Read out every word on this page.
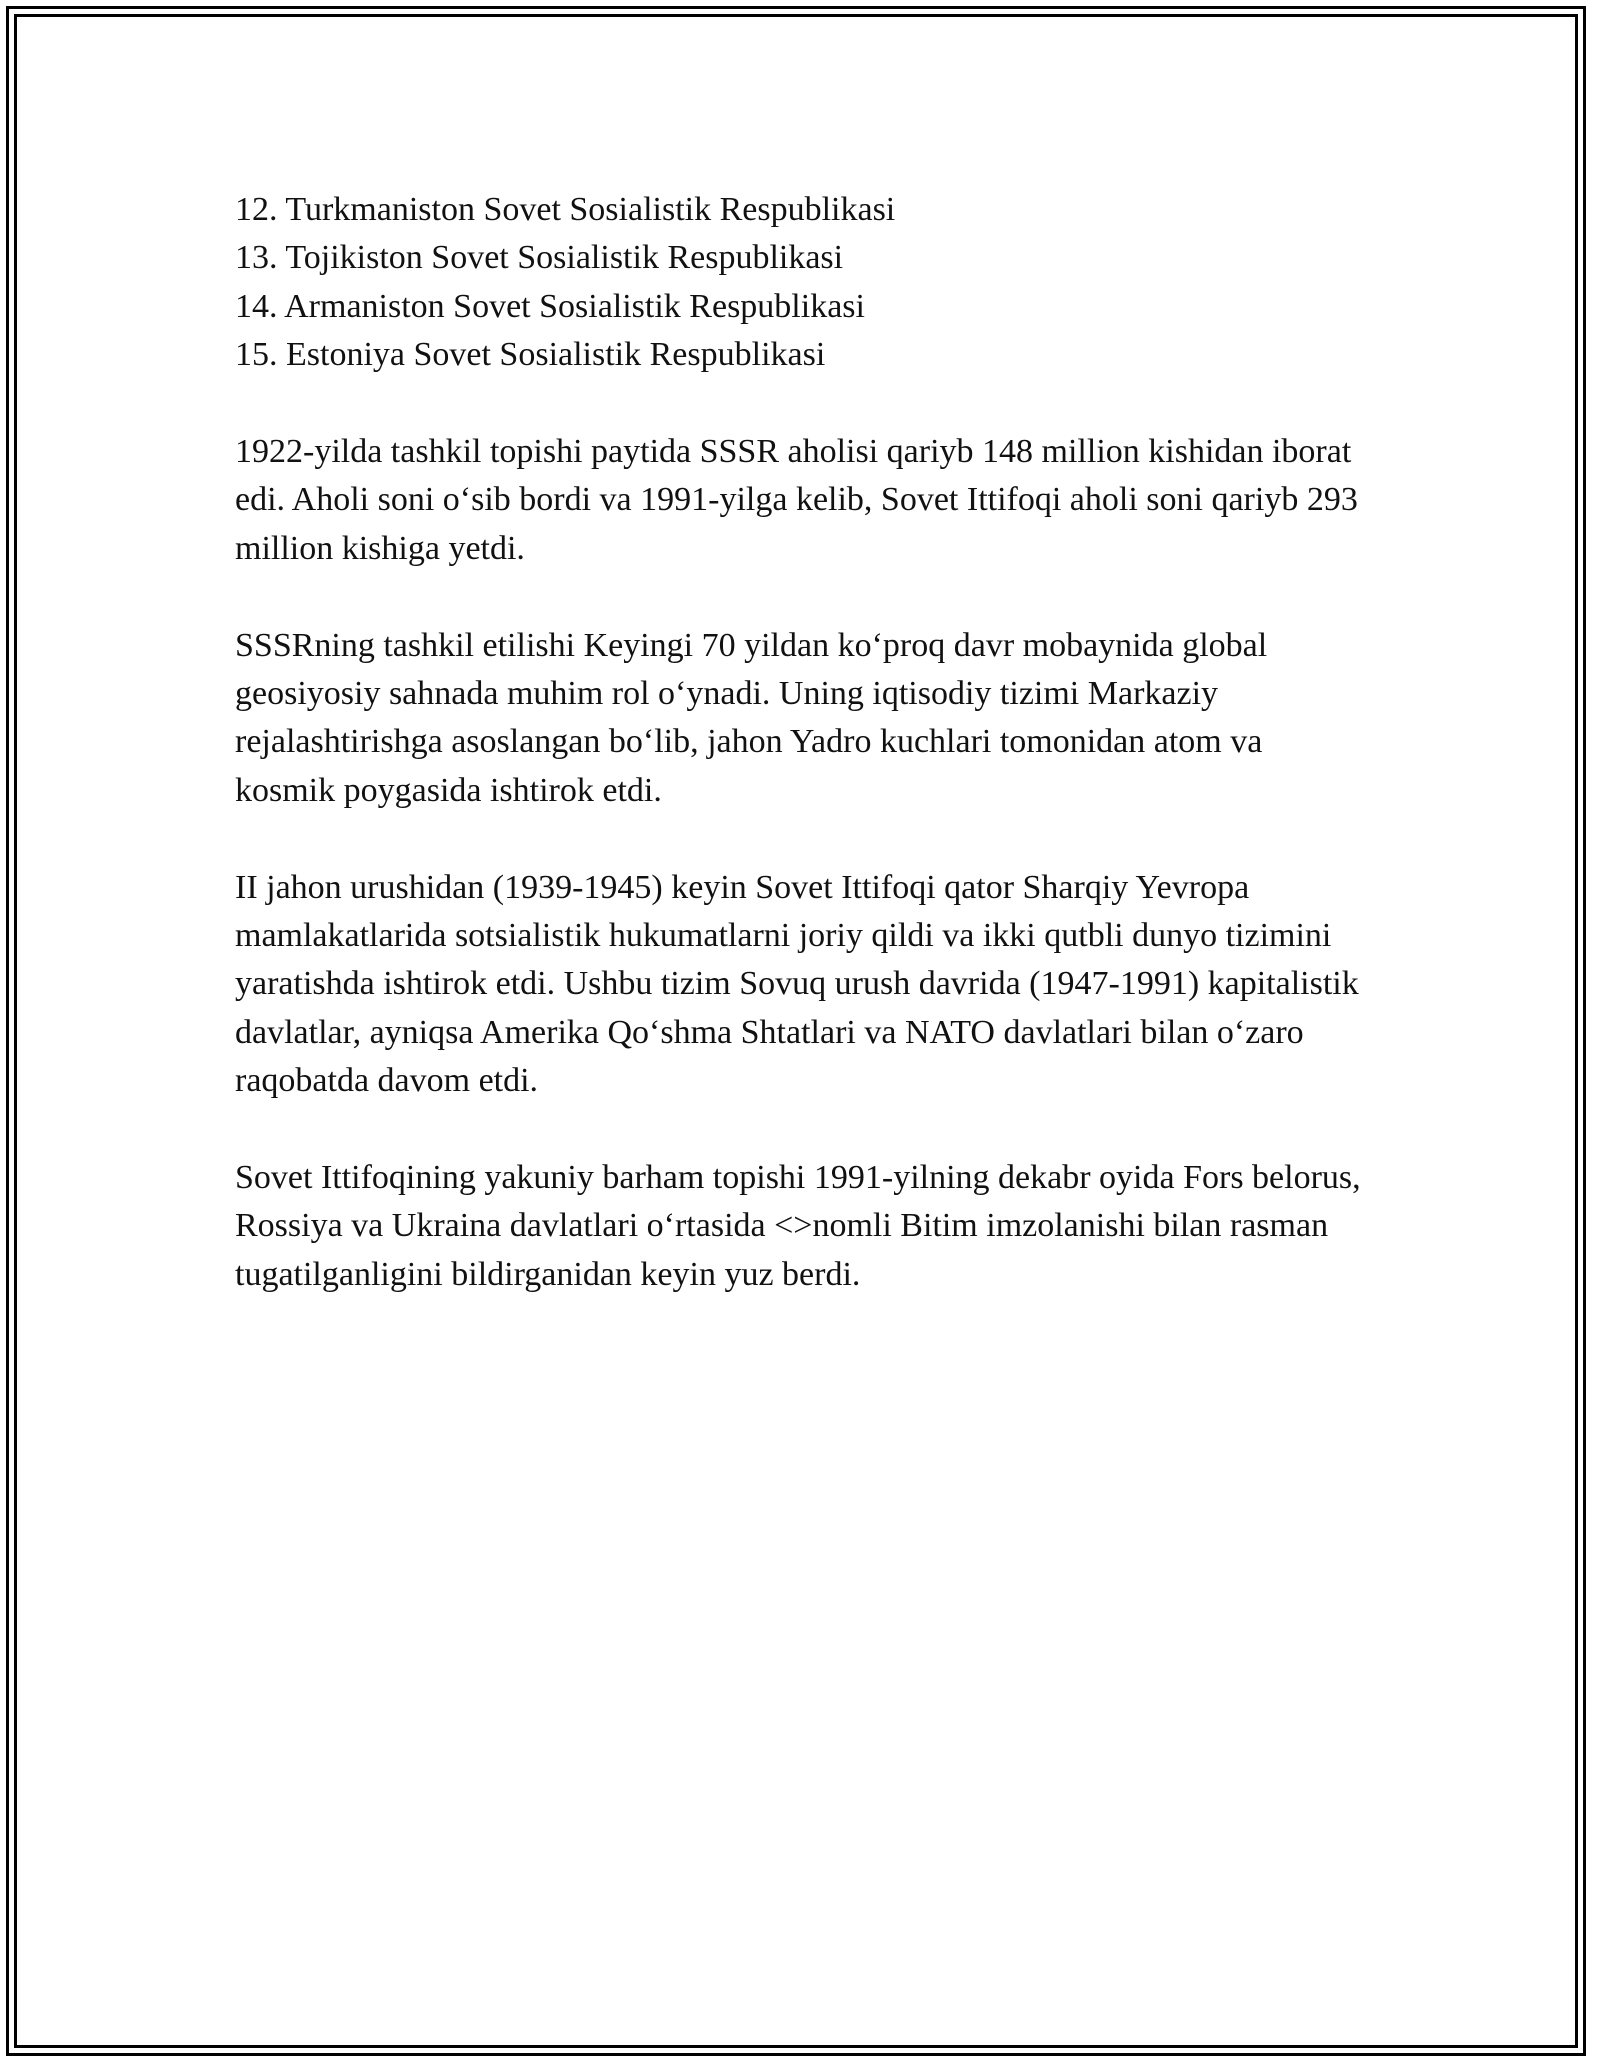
12. Turkmaniston Sovet Sosialistik Respublikasi
13. Tojikiston Sovet Sosialistik Respublikasi
14. Armaniston Sovet Sosialistik Respublikasi
15. Estoniya Sovet Sosialistik Respublikasi

1922-yilda tashkil topishi paytida SSSR aholisi qariyb 148 million kishidan iborat edi. Aholi soni o‘sib bordi va 1991-yilga kelib, Sovet Ittifoqi aholi soni qariyb 293 million kishiga yetdi.

SSSRning tashkil etilishi Keyingi 70 yildan ko‘proq davr mobaynida global geosiyosiy sahnada muhim rol o‘ynadi. Uning iqtisodiy tizimi Markaziy rejalashtirishga asoslangan bo‘lib, jahon Yadro kuchlari tomonidan atom va kosmik poygasida ishtirok etdi.

II jahon urushidan (1939-1945) keyin Sovet Ittifoqi qator Sharqiy Yevropa mamlakatlarida sotsialistik hukumatlarni joriy qildi va ikki qutbli dunyo tizimini yaratishda ishtirok etdi. Ushbu tizim Sovuq urush davrida (1947-1991) kapitalistik davlatlar, ayniqsa Amerika Qo‘shma Shtatlari va NATO davlatlari bilan o‘zaro raqobatda davom etdi.

Sovet Ittifoqining yakuniy barham topishi 1991-yilning dekabr oyida Fors belorus, Rossiya va Ukraina davlatlari o‘rtasida <>nomli Bitim imzolanishi bilan rasman tugatilganligini bildirganidan keyin yuz berdi.
